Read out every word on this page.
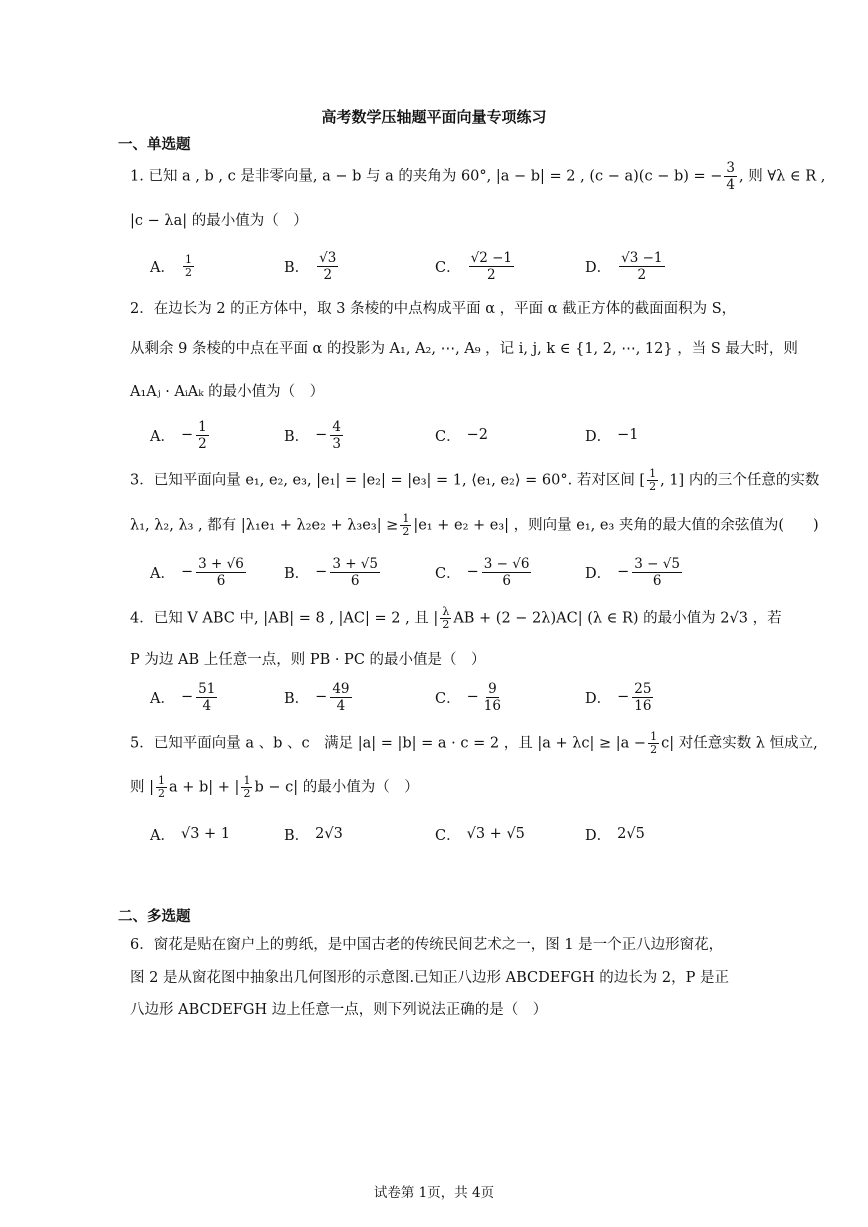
高考数学压轴题平面向量专项练习
一、单选题
1. 已知 a , b , c 是非零向量, a − b 与 a 的夹角为 60°, |a − b| = 2 , (c − a)(c − b) = − $\frac{3}{4}$ , 则 ∀λ ∈ R ,
|c − λa| 的最小值为（　）
A． $\frac{1}{2}$	B． $\frac{√3}{2}$	C． $\frac{√2 -1}{2}$	D． $\frac{√3 -1}{2}$
2．在边长为 2 的正方体中，取 3 条棱的中点构成平面 α ，平面 α 截正方体的截面面积为 S，
从剩余 9 条棱的中点在平面 α 的投影为 A₁, A₂, ⋯, A₉ ，记 i, j, k ∈ {1, 2, ⋯, 12} ，当 S 最大时，则
A₁Aⱼ · AᵢAₖ 的最小值为（　）
A． − $\frac{1}{2}$	B． − $\frac{4}{3}$	C． −2	D． −1
3．已知平面向量 e₁, e₂, e₃, |e₁| = |e₂| = |e₃| = 1, ⟨e₁, e₂⟩ = 60°. 若对区间 [ $\frac{1}{2}$ , 1] 内的三个任意的实数
λ₁, λ₂, λ₃ , 都有 $|\lambda_1e_1 + \lambda_2e_2 + \lambda_3e_3| \ge \frac{1}{2} |e_1 + e_2 + e_3|$ ，则向量 e₁, e₃ 夹角的最大值的余弦值为(　　)
A． − $\frac{3 + √6}{6}$	B． − $\frac{3 + √5}{6}$	C． − $\frac{3 - √6}{6}$	D． − $\frac{3 - √5}{6}$
4．已知 V ABC 中, |AB| = 8 , |AC| = 2 , 且 | $\frac{\lambda}{2}$ AB + (2 − 2λ)AC| (λ ∈ R) 的最小值为 2√3 ，若
P 为边 AB 上任意一点，则 PB · PC 的最小值是（　）
A． − $\frac{51}{4}$	B． − $\frac{49}{4}$	C． − $\frac{9}{16}$	D． − $\frac{25}{16}$
5．已知平面向量 a 、b 、c　满足 |a| = |b| = a · c = 2 ，且 $|a + \lambda c| \ge |a - \frac{1}{2} c|$ 对任意实数 λ 恒成立,
则 | $\frac{1}{2}$ a + b| + | $\frac{1}{2}$ b − c| 的最小值为（　）
A． √3 + 1	B． 2√3	C． √3 + √5	D． 2√5
二、多选题
6．窗花是贴在窗户上的剪纸，是中国古老的传统民间艺术之一，图 1 是一个正八边形窗花，
图 2 是从窗花图中抽象出几何图形的示意图.已知正八边形 ABCDEFGH 的边长为 2，P 是正
八边形 ABCDEFGH 边上任意一点，则下列说法正确的是（　）
试卷第 1页，共 4页
